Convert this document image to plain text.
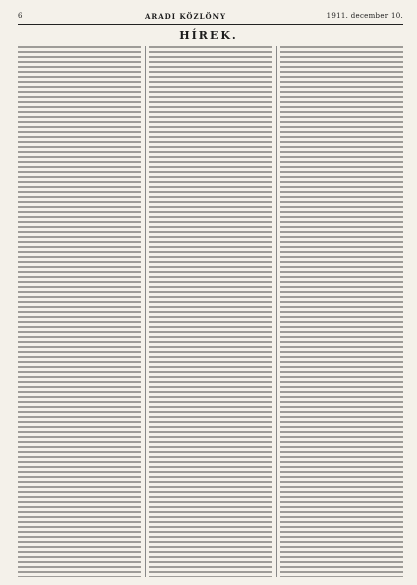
6	ARADI KÖZLÖNY	1911. december 10.
HÍREK.
